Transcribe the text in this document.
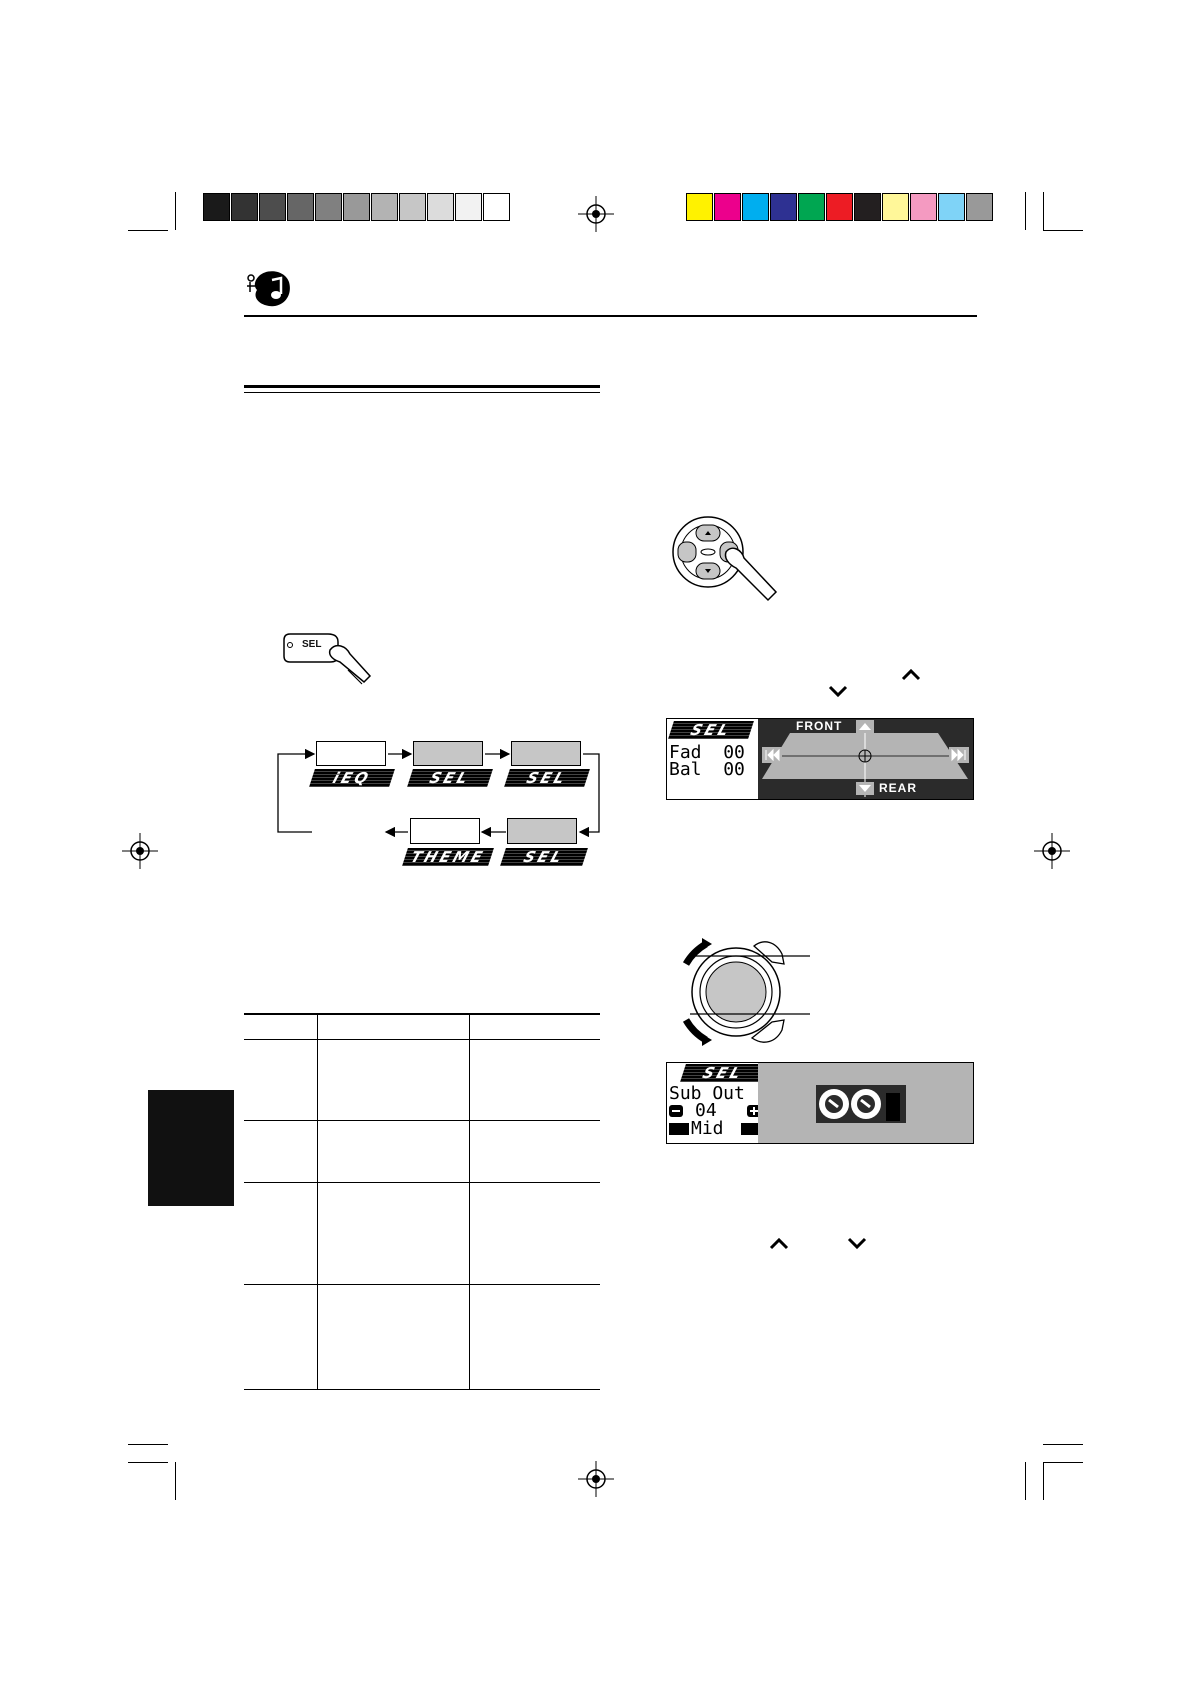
SEL
iEQ	SEL	SEL
THEME	SEL
SEL
Fad 00
Bal 00
FRONT
REAR
SEL
Sub Out
04
Mid
